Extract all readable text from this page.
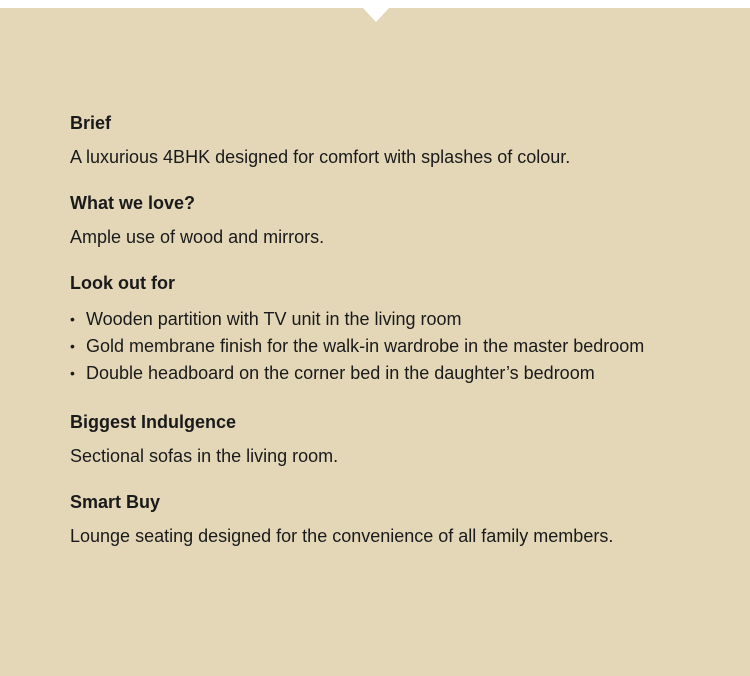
Brief

A luxurious 4BHK designed for comfort with splashes of colour.

What we love?

Ample use of wood and mirrors.

Look out for
• Wooden partition with TV unit in the living room
• Gold membrane finish for the walk-in wardrobe in the master bedroom
• Double headboard on the corner bed in the daughter’s bedroom
Biggest Indulgence

Sectional sofas in the living room.

Smart Buy

Lounge seating designed for the convenience of all family members.
